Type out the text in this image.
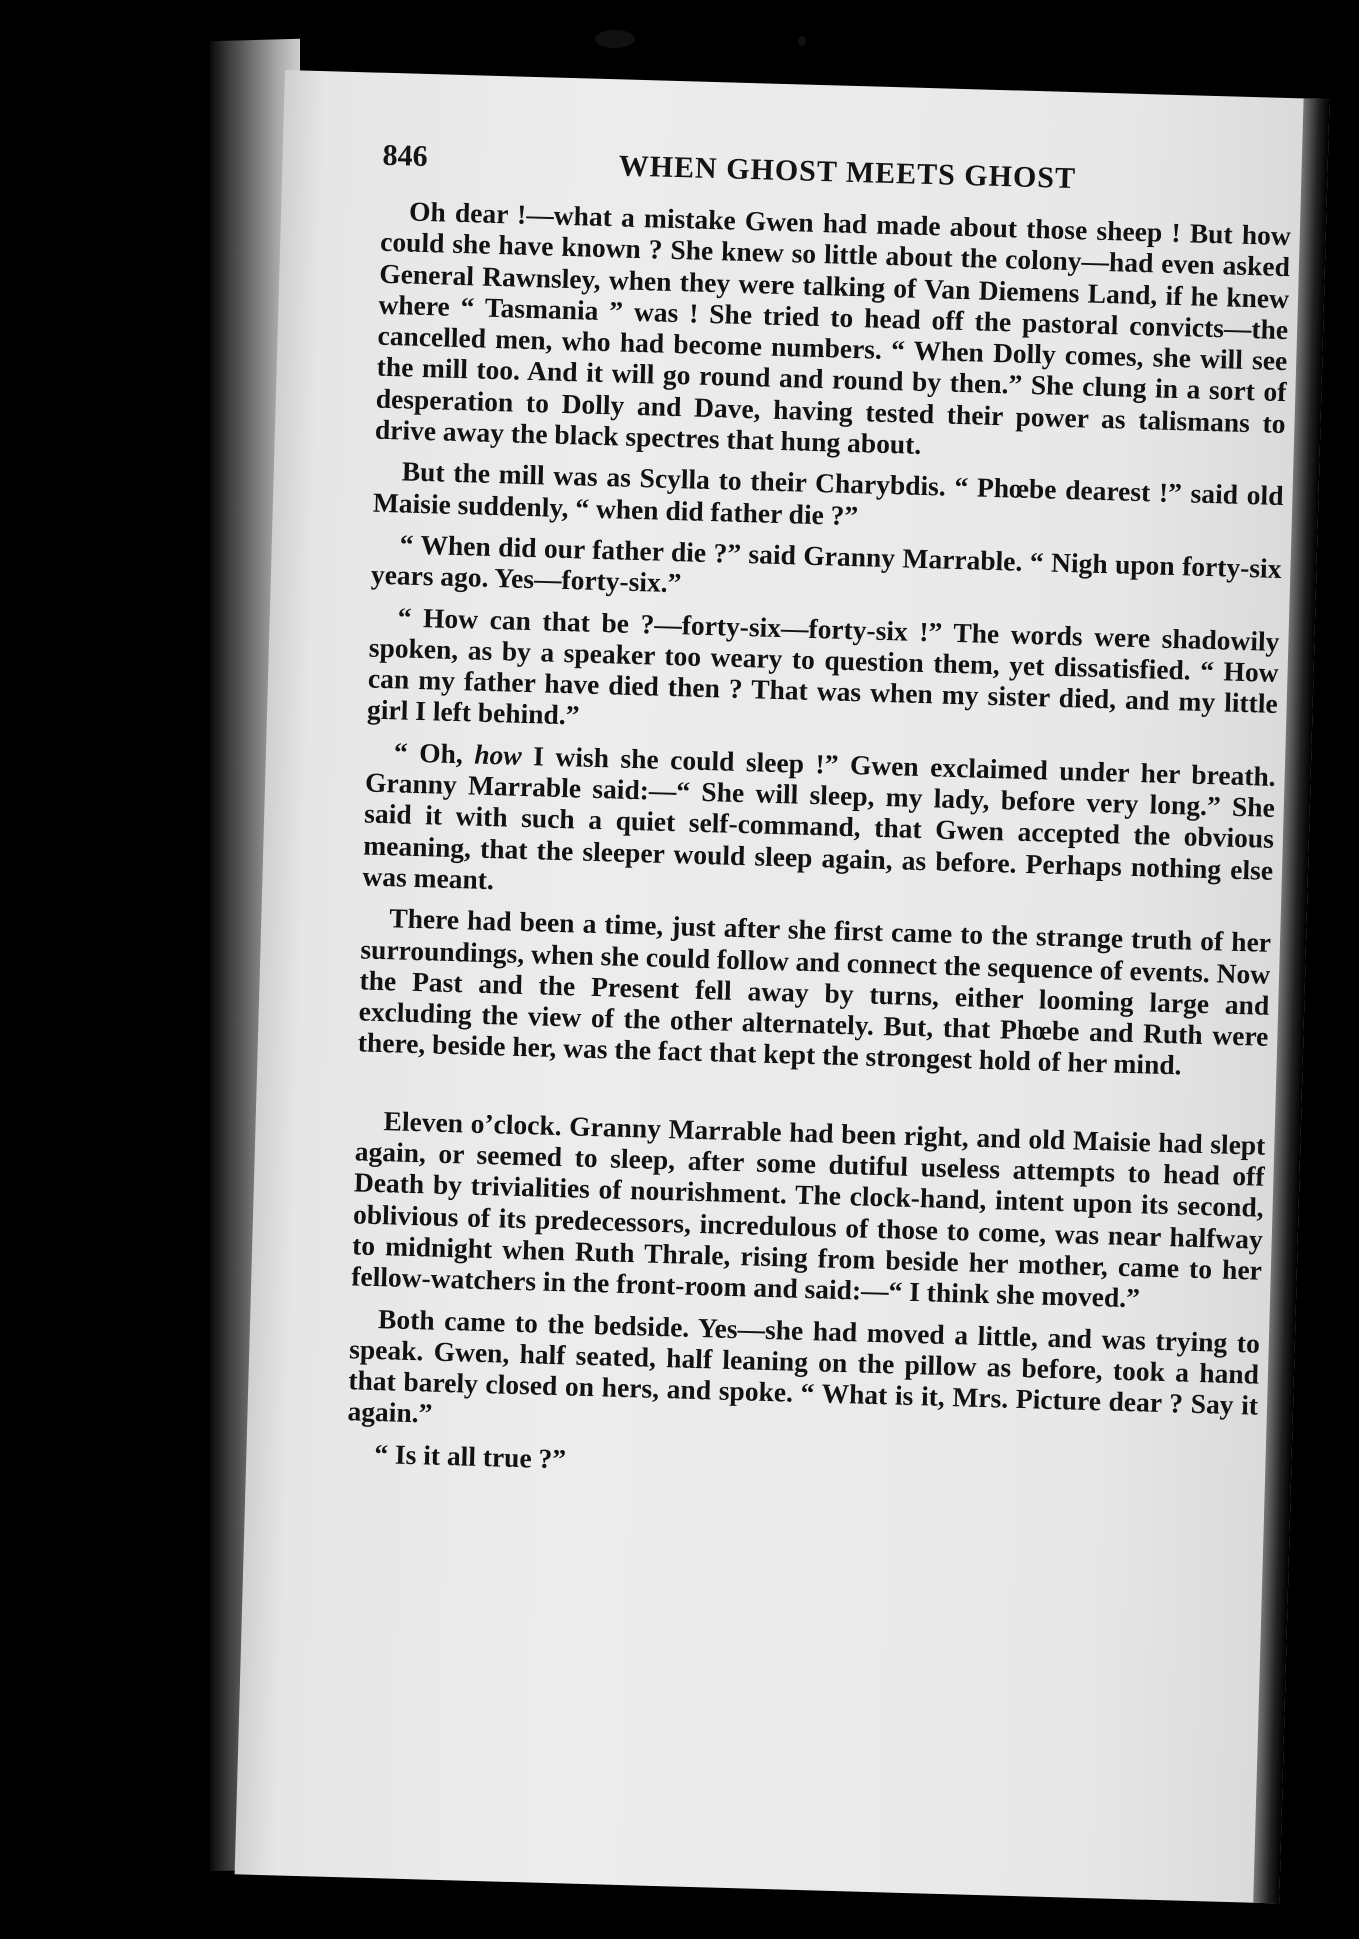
846	WHEN GHOST MEETS GHOST

Oh dear !—what a mistake Gwen had made about those sheep ! But how could she have known ? She knew so little about the colony—had even asked General Rawnsley, when they were talking of Van Diemens Land, if he knew where “ Tasmania ” was ! She tried to head off the pastoral convicts—the cancelled men, who had become numbers. “ When Dolly comes, she will see the mill too. And it will go round and round by then.” She clung in a sort of desperation to Dolly and Dave, having tested their power as talismans to drive away the black spectres that hung about.

But the mill was as Scylla to their Charybdis. “ Phœbe dearest !” said old Maisie suddenly, “ when did father die ?”

“ When did our father die ?” said Granny Marrable. “ Nigh upon forty-six years ago. Yes—forty-six.”

“ How can that be ?—forty-six—forty-six !” The words were shadowily spoken, as by a speaker too weary to question them, yet dissatisfied. “ How can my father have died then ? That was when my sister died, and my little girl I left behind.”

“ Oh, how I wish she could sleep !” Gwen exclaimed under her breath. Granny Marrable said:—“ She will sleep, my lady, before very long.” She said it with such a quiet self-command, that Gwen accepted the obvious meaning, that the sleeper would sleep again, as before. Perhaps nothing else was meant.

There had been a time, just after she first came to the strange truth of her surroundings, when she could follow and connect the sequence of events. Now the Past and the Present fell away by turns, either looming large and excluding the view of the other alternately. But, that Phœbe and Ruth were there, beside her, was the fact that kept the strongest hold of her mind.

Eleven o’clock. Granny Marrable had been right, and old Maisie had slept again, or seemed to sleep, after some dutiful useless attempts to head off Death by trivialities of nourishment. The clock-hand, intent upon its second, oblivious of its predecessors, incredulous of those to come, was near halfway to midnight when Ruth Thrale, rising from beside her mother, came to her fellow-watchers in the front-room and said:—“ I think she moved.”

Both came to the bedside. Yes—she had moved a little, and was trying to speak. Gwen, half seated, half leaning on the pillow as before, took a hand that barely closed on hers, and spoke. “ What is it, Mrs. Picture dear ? Say it again.”

“ Is it all true ?”
